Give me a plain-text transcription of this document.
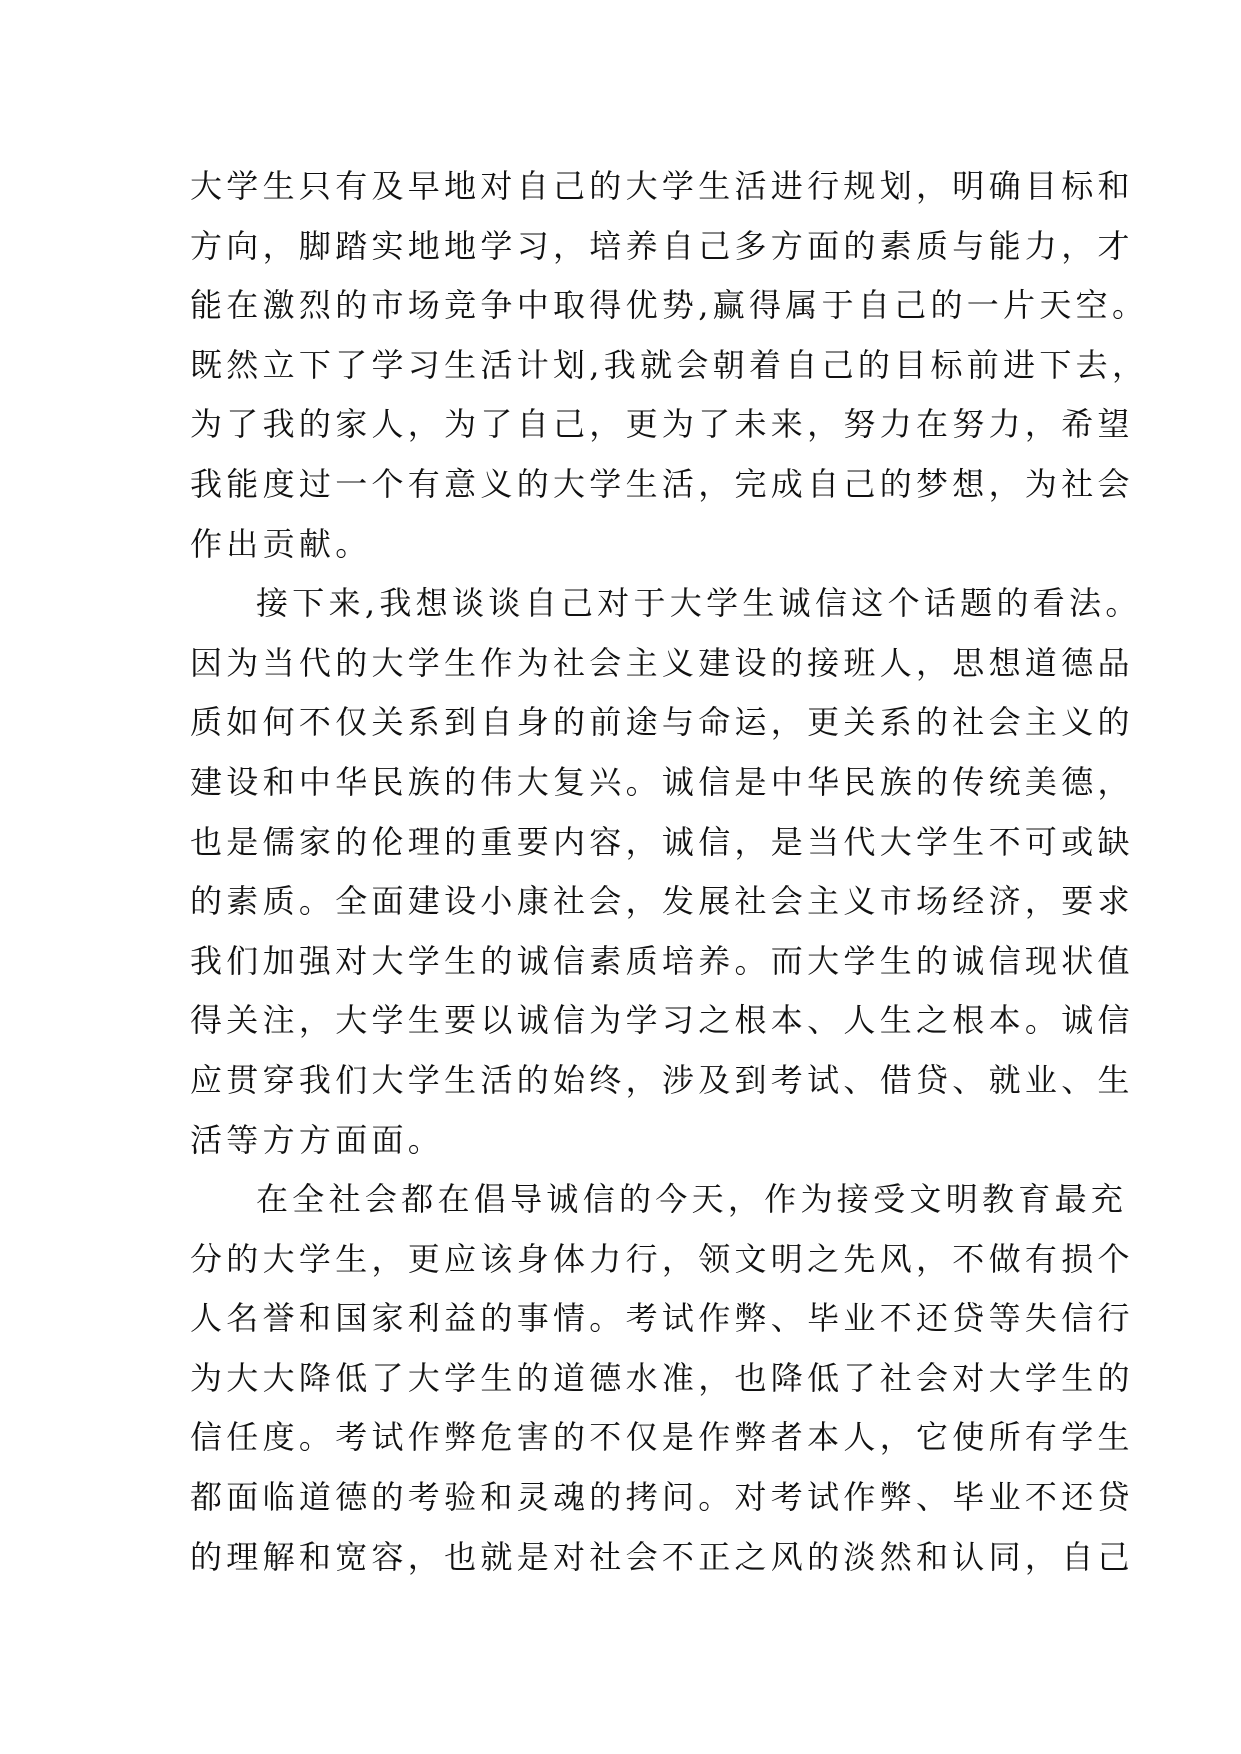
大学生只有及早地对自己的大学生活进行规划，明确目标和
方向，脚踏实地地学习，培养自己多方面的素质与能力，才
能在激烈的市场竞争中取得优势,赢得属于自己的一片天空。
既然立下了学习生活计划,我就会朝着自己的目标前进下去，
为了我的家人，为了自己，更为了未来，努力在努力，希望
我能度过一个有意义的大学生活，完成自己的梦想，为社会
作出贡献。
接下来,我想谈谈自己对于大学生诚信这个话题的看法。
因为当代的大学生作为社会主义建设的接班人，思想道德品
质如何不仅关系到自身的前途与命运，更关系的社会主义的
建设和中华民族的伟大复兴。诚信是中华民族的传统美德，
也是儒家的伦理的重要内容，诚信，是当代大学生不可或缺
的素质。全面建设小康社会，发展社会主义市场经济，要求
我们加强对大学生的诚信素质培养。而大学生的诚信现状值
得关注，大学生要以诚信为学习之根本、人生之根本。诚信
应贯穿我们大学生活的始终，涉及到考试、借贷、就业、生
活等方方面面。
在全社会都在倡导诚信的今天，作为接受文明教育最充
分的大学生，更应该身体力行，领文明之先风，不做有损个
人名誉和国家利益的事情。考试作弊、毕业不还贷等失信行
为大大降低了大学生的道德水准，也降低了社会对大学生的
信任度。考试作弊危害的不仅是作弊者本人，它使所有学生
都面临道德的考验和灵魂的拷问。对考试作弊、毕业不还贷
的理解和宽容，也就是对社会不正之风的淡然和认同，自己
